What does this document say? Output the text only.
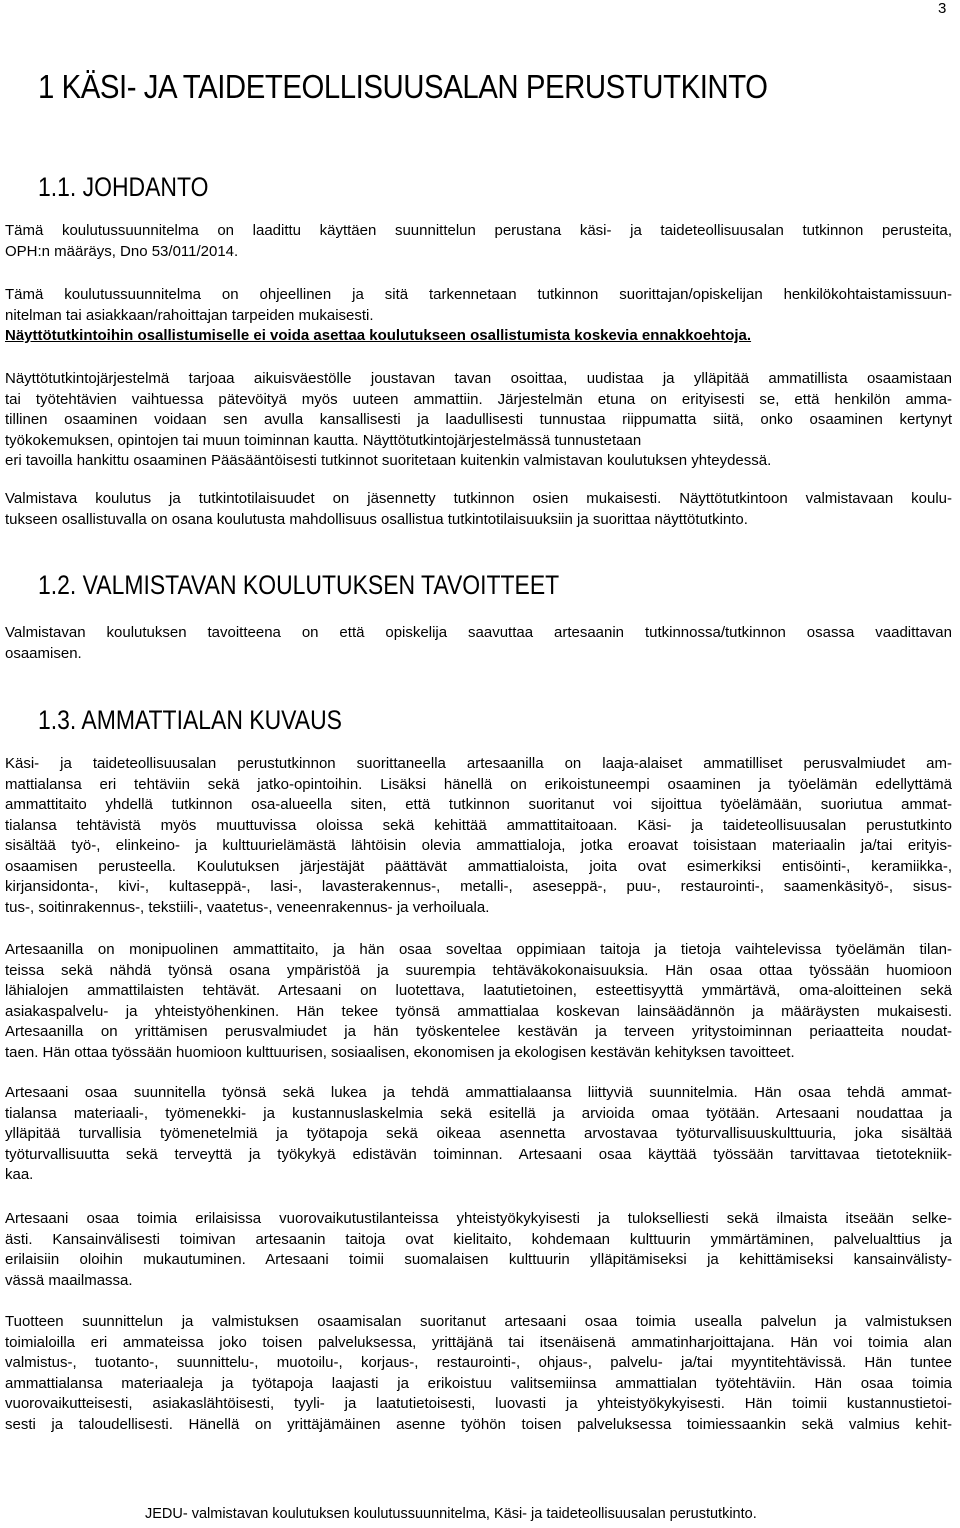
3
1 KÄSI- JA TAIDETEOLLISUUSALAN PERUSTUTKINTO
1.1. JOHDANTO
Tämä koulutussuunnitelma on laadittu käyttäen suunnittelun perustana käsi- ja taideteollisuusalan tutkinnon perusteita,
OPH:n määräys, Dno 53/011/2014.
Tämä koulutussuunnitelma on ohjeellinen ja sitä tarkennetaan tutkinnon suorittajan/opiskelijan henkilökohtaistamissuun-
nitelman tai asiakkaan/rahoittajan tarpeiden mukaisesti.
Näyttötutkintoihin osallistumiselle ei voida asettaa koulutukseen osallistumista koskevia ennakkoehtoja.
Näyttötutkintojärjestelmä tarjoaa aikuisväestölle joustavan tavan osoittaa, uudistaa ja ylläpitää ammatillista osaamistaan
tai työtehtävien vaihtuessa pätevöityä myös uuteen ammattiin. Järjestelmän etuna on erityisesti se, että henkilön amma-
tillinen osaaminen voidaan sen avulla kansallisesti ja laadullisesti tunnustaa riippumatta siitä, onko osaaminen kertynyt
työkokemuksen, opintojen tai muun toiminnan kautta. Näyttötutkintojärjestelmässä tunnustetaan
eri tavoilla hankittu osaaminen Pääsääntöisesti tutkinnot suoritetaan kuitenkin valmistavan koulutuksen yhteydessä.
Valmistava koulutus ja tutkintotilaisuudet on jäsennetty tutkinnon osien mukaisesti. Näyttötutkintoon valmistavaan koulu-
tukseen osallistuvalla on osana koulutusta mahdollisuus osallistua tutkintotilaisuuksiin ja suorittaa näyttötutkinto.
1.2. VALMISTAVAN KOULUTUKSEN TAVOITTEET
Valmistavan koulutuksen tavoitteena on että opiskelija saavuttaa artesaanin tutkinnossa/tutkinnon osassa vaadittavan
osaamisen.
1.3. AMMATTIALAN KUVAUS
Käsi- ja taideteollisuusalan perustutkinnon suorittaneella artesaanilla on laaja-alaiset ammatilliset perusvalmiudet am-
mattialansa eri tehtäviin sekä jatko-opintoihin. Lisäksi hänellä on erikoistuneempi osaaminen ja työelämän edellyttämä
ammattitaito yhdellä tutkinnon osa-alueella siten, että tutkinnon suoritanut voi sijoittua työelämään, suoriutua ammat-
tialansa tehtävistä myös muuttuvissa oloissa sekä kehittää ammattitaitoaan. Käsi- ja taideteollisuusalan perustutkinto
sisältää työ-, elinkeino- ja kulttuurielämästä lähtöisin olevia ammattialoja, jotka eroavat toisistaan materiaalin ja/tai erityis-
osaamisen perusteella. Koulutuksen järjestäjät päättävät ammattialoista, joita ovat esimerkiksi entisöinti-, keramiikka-,
kirjansidonta-, kivi-, kultaseppä-, lasi-, lavasterakennus-, metalli-, aseseppä-, puu-, restaurointi-, saamenkäsityö-, sisus-
tus-, soitinrakennus-, tekstiili-, vaatetus-, veneenrakennus- ja verhoiluala.
Artesaanilla on monipuolinen ammattitaito, ja hän osaa soveltaa oppimiaan taitoja ja tietoja vaihtelevissa työelämän tilan-
teissa sekä nähdä työnsä osana ympäristöä ja suurempia tehtäväkokonaisuuksia. Hän osaa ottaa työssään huomioon
lähialojen ammattilaisten tehtävät. Artesaani on luotettava, laatutietoinen, esteettisyyttä ymmärtävä, oma-aloitteinen sekä
asiakaspalvelu- ja yhteistyöhenkinen. Hän tekee työnsä ammattialaa koskevan lainsäädännön ja määräysten mukaisesti.
Artesaanilla on yrittämisen perusvalmiudet ja hän työskentelee kestävän ja terveen yritystoiminnan periaatteita noudat-
taen. Hän ottaa työssään huomioon kulttuurisen, sosiaalisen, ekonomisen ja ekologisen kestävän kehityksen tavoitteet.
Artesaani osaa suunnitella työnsä sekä lukea ja tehdä ammattialaansa liittyviä suunnitelmia. Hän osaa tehdä ammat-
tialansa materiaali-, työmenekki- ja kustannuslaskelmia sekä esitellä ja arvioida omaa työtään. Artesaani noudattaa ja
ylläpitää turvallisia työmenetelmiä ja työtapoja sekä oikeaa asennetta arvostavaa työturvallisuuskulttuuria, joka sisältää
työturvallisuutta sekä terveyttä ja työkykyä edistävän toiminnan. Artesaani osaa käyttää työssään tarvittavaa tietotekniik-
kaa.
Artesaani osaa toimia erilaisissa vuorovaikutustilanteissa yhteistyökykyisesti ja tulokselliesti sekä ilmaista itseään selke-
ästi. Kansainvälisesti toimivan artesaanin taitoja ovat kielitaito, kohdemaan kulttuurin ymmärtäminen, palvelualttius ja
erilaisiin oloihin mukautuminen. Artesaani toimii suomalaisen kulttuurin ylläpitämiseksi ja kehittämiseksi kansainvälisty-
vässä maailmassa.
Tuotteen suunnittelun ja valmistuksen osaamisalan suoritanut artesaani osaa toimia usealla palvelun ja valmistuksen
toimialoilla eri ammateissa joko toisen palveluksessa, yrittäjänä tai itsenäisenä ammatinharjoittajana. Hän voi toimia alan
valmistus-, tuotanto-, suunnittelu-, muotoilu-, korjaus-, restaurointi-, ohjaus-, palvelu- ja/tai myyntitehtävissä. Hän tuntee
ammattialansa materiaaleja ja työtapoja laajasti ja erikoistuu valitsemiinsa ammattialan työtehtäviin. Hän osaa toimia
vuorovaikutteisesti, asiakaslähtöisesti, tyyli- ja laatutietoisesti, luovasti ja yhteistyökykyisesti. Hän toimii kustannustietoi-
sesti ja taloudellisesti. Hänellä on yrittäjämäinen asenne työhön toisen palveluksessa toimiessaankin sekä valmius kehit-
JEDU- valmistavan koulutuksen koulutussuunnitelma, Käsi- ja taideteollisuusalan perustutkinto.
